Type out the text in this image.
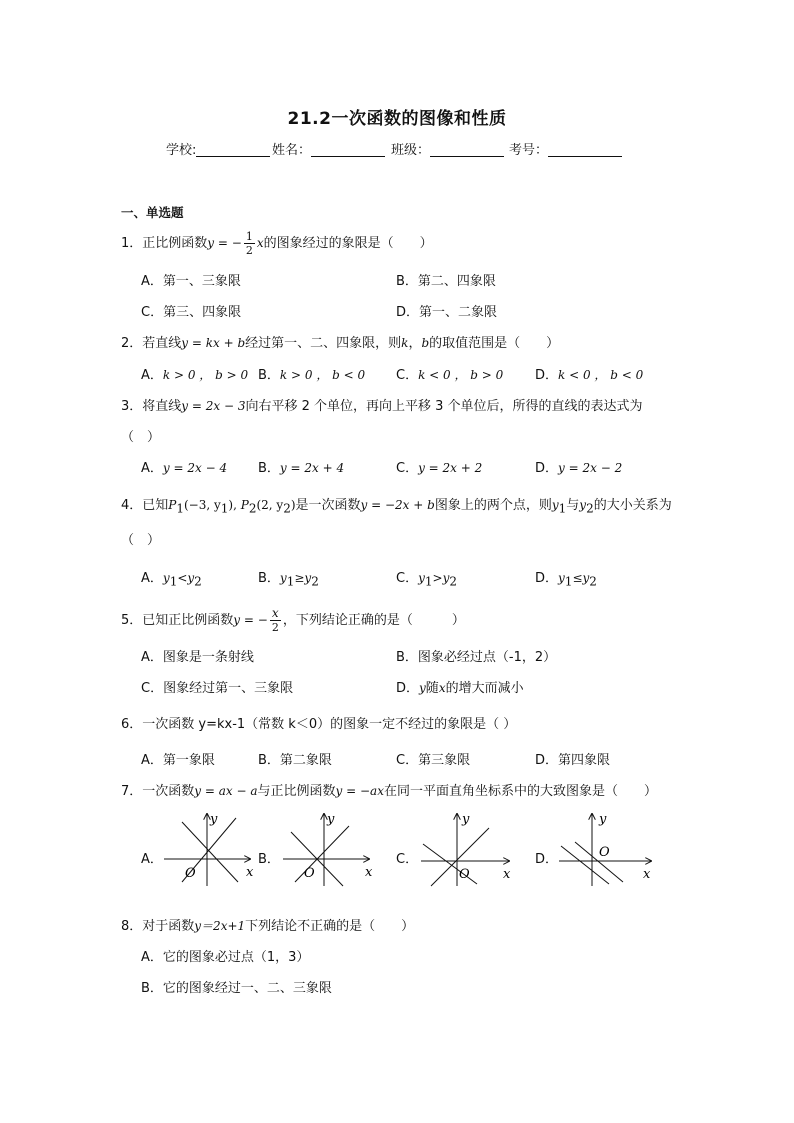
21.2一次函数的图像和性质
学校:	姓名：	班级：	考号：
一、单选题
1．正比例函数y = − $\frac{1}{2}$ x的图象经过的象限是（　　）
A．第一、三象限	B．第二、四象限
C．第三、四象限	D．第一、二象限
2．若直线y = kx + b经过第一、二、四象限，则k，b的取值范围是（　　）
A．k > 0 ， b > 0 B．k > 0 ， b < 0 C．k < 0 ， b > 0 D．k < 0 ， b < 0
3．将直线y = 2x − 3向右平移 2 个单位，再向上平移 3 个单位后，所得的直线的表达式为
（　）
A．y = 2x − 4 B．y = 2x + 4	C．y = 2x + 2	D．y = 2x − 2
4．已知$P_1(-3$, $y_1$), $P_2(2$, $y_2$)是一次函数y = −2x + b图象上的两个点，则$y_1$与$y_2$的大小关系为
（　）
A．$y_1<y_2$	B．$y_1\ge y_2$	C．$y_1>y_2$	D．$y_1\le y_2$
5．已知正比例函数y = − $\frac{x}{2}$ ，下列结论正确的是（　　　）
A．图象是一条射线	B．图象必经过点（-1，2）
C．图象经过第一、三象限	D．y随x的增大而减小
6．一次函数 y=kx-1（常数 k＜0）的图象一定不经过的象限是（ ）
A．第一象限	B．第二象限	C．第三象限	D．第四象限
7．一次函数y = ax − a与正比例函数y = −ax在同一平面直角坐标系中的大致图象是（　　）
A．	B．	C．	D．
y
x
O
y
x
O
y
x
O
y
x
O
8．对于函数y＝2x+1下列结论不正确的是（　　）
A．它的图象必过点（1，3）
B．它的图象经过一、二、三象限
